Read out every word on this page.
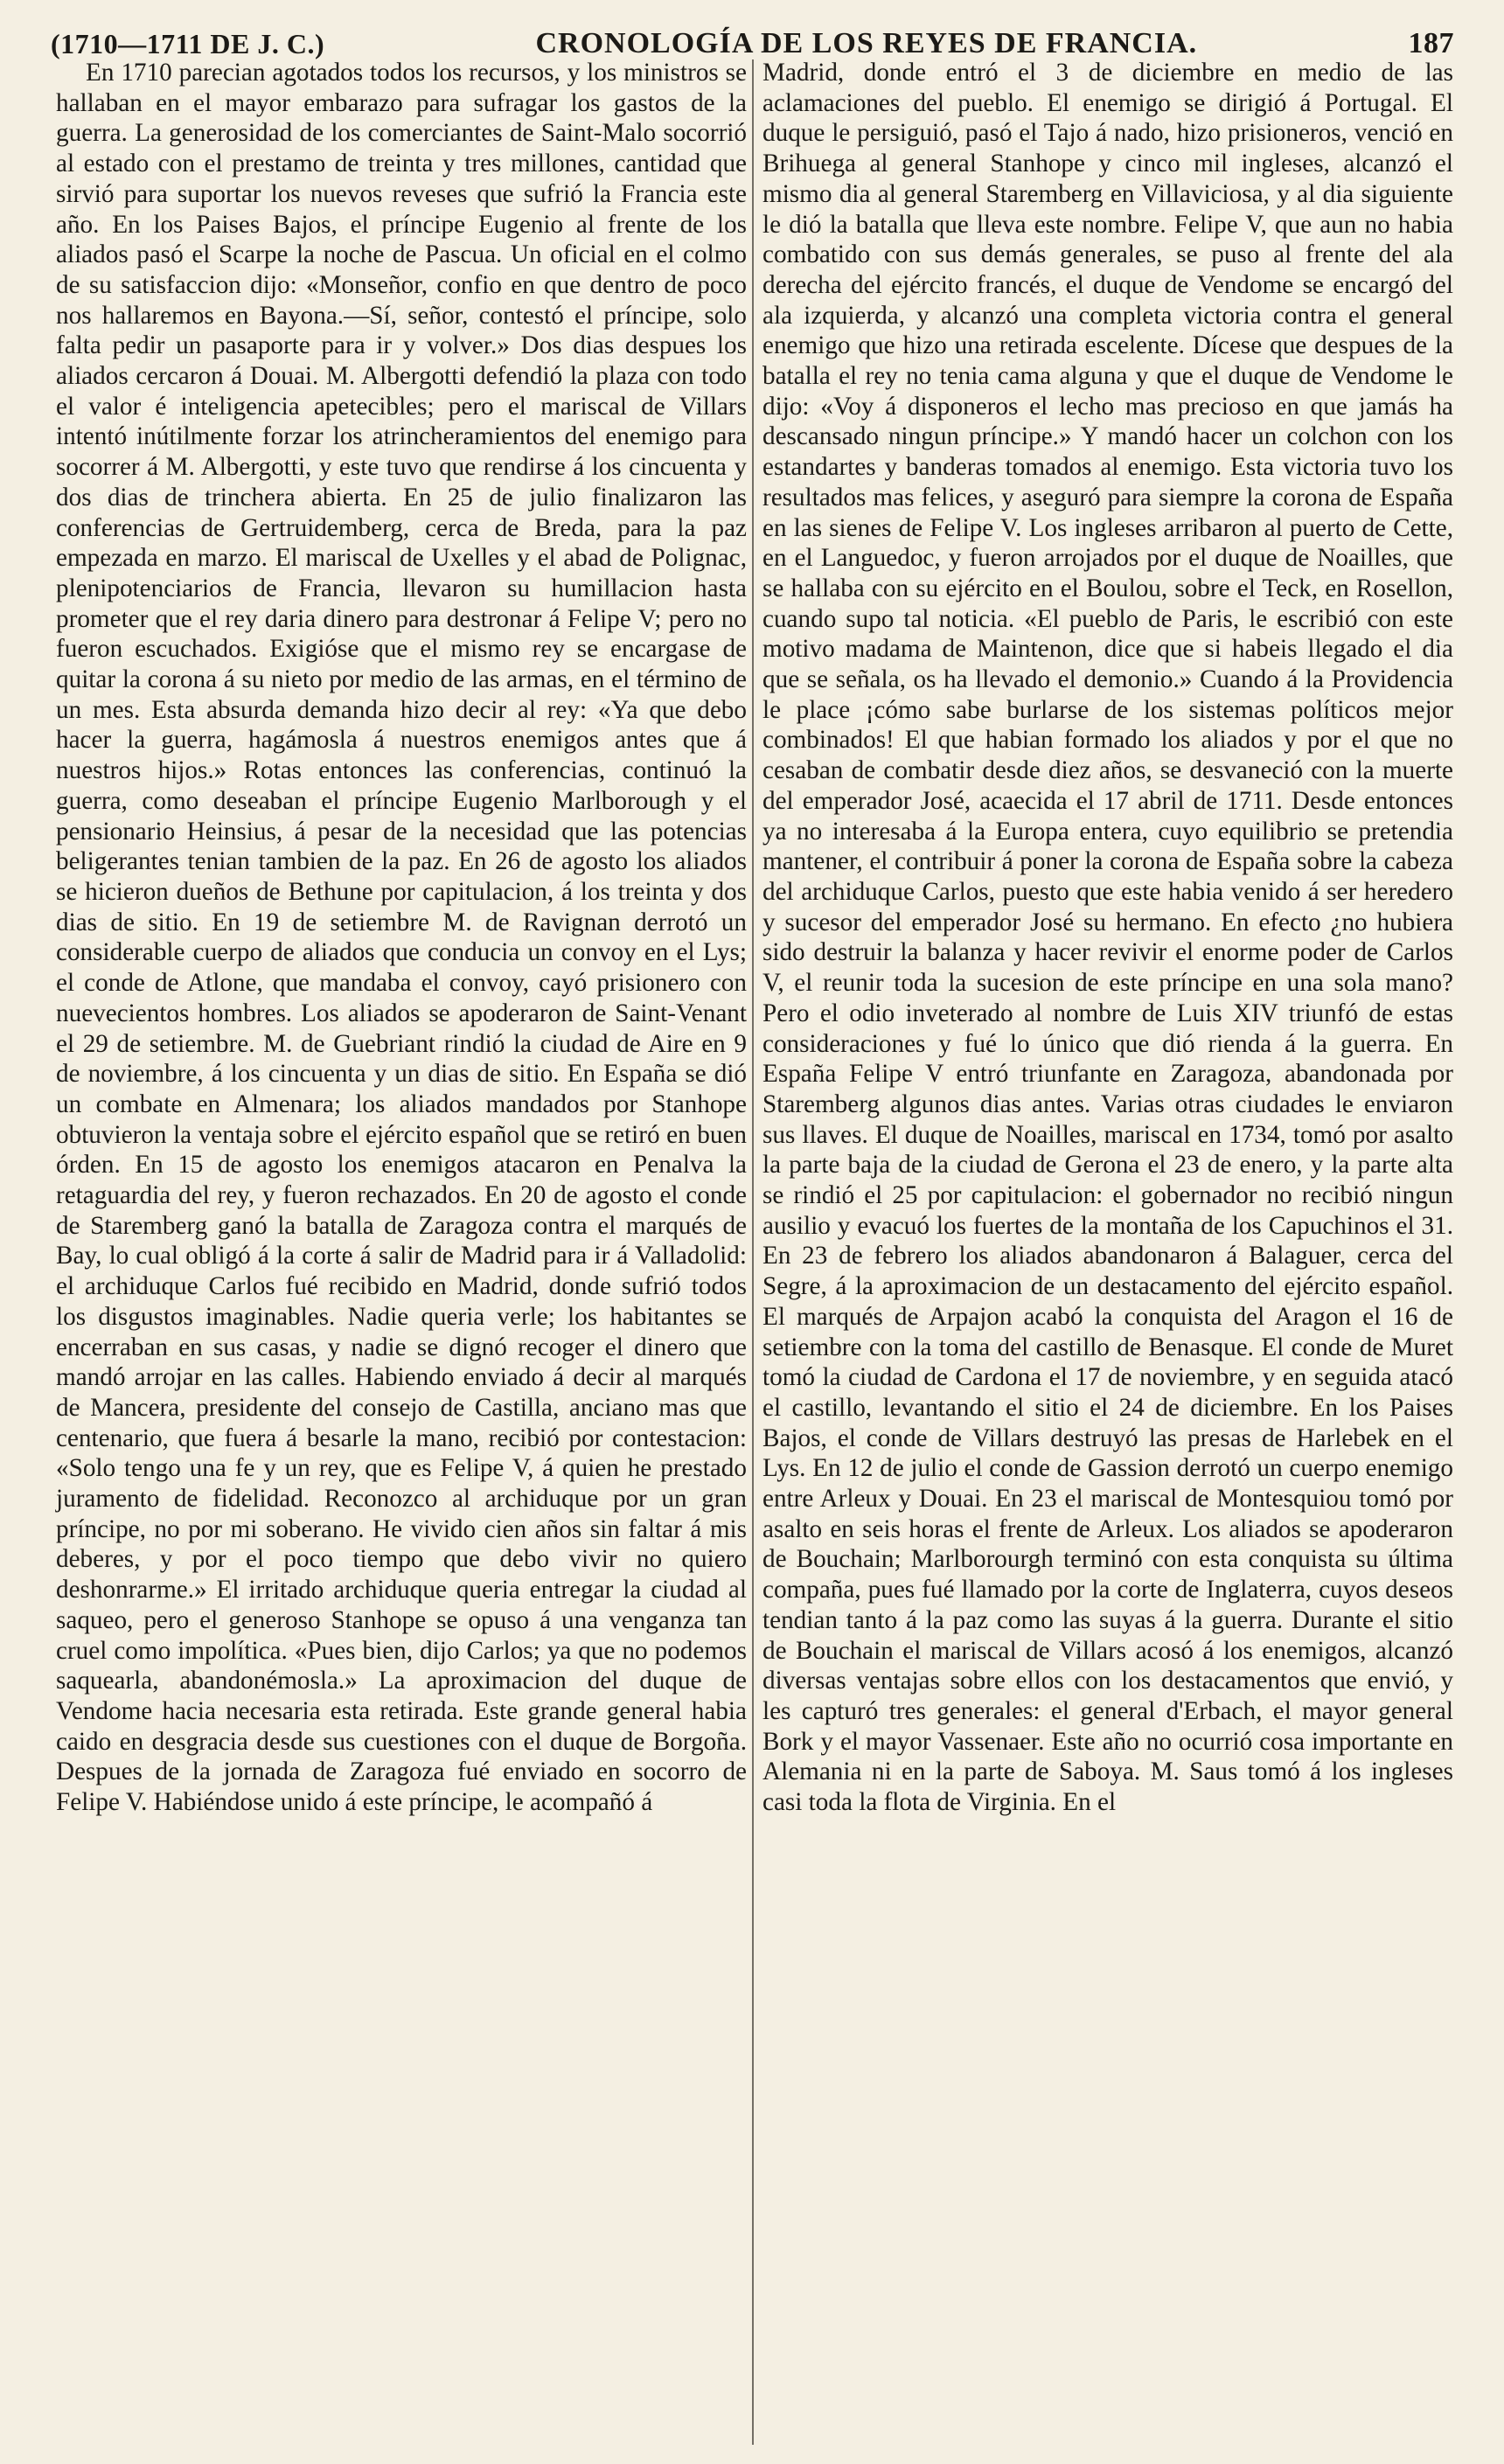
(1710—1711 DE J. C.)	CRONOLOGÍA DE LOS REYES DE FRANCIA.	187

En 1710 parecian agotados todos los recursos, y los ministros se hallaban en el mayor embarazo para sufragar los gastos de la guerra. La generosidad de los comerciantes de Saint-Malo socorrió al estado con el prestamo de treinta y tres millones, cantidad que sirvió para suportar los nuevos reveses que sufrió la Francia este año. En los Paises Bajos, el príncipe Eugenio al frente de los aliados pasó el Scarpe la noche de Pascua. Un oficial en el colmo de su satisfaccion dijo: «Monseñor, confio en que dentro de poco nos hallaremos en Bayona.—Sí, señor, contestó el príncipe, solo falta pedir un pasaporte para ir y volver.» Dos dias despues los aliados cercaron á Douai. M. Albergotti defendió la plaza con todo el valor é inteligencia apetecibles; pero el mariscal de Villars intentó inútilmente forzar los atrincheramientos del enemigo para socorrer á M. Albergotti, y este tuvo que rendirse á los cincuenta y dos dias de trinchera abierta. En 25 de julio finalizaron las conferencias de Gertruidemberg, cerca de Breda, para la paz empezada en marzo. El mariscal de Uxelles y el abad de Polignac, plenipotenciarios de Francia, llevaron su humillacion hasta prometer que el rey daria dinero para destronar á Felipe V; pero no fueron escuchados. Exigióse que el mismo rey se encargase de quitar la corona á su nieto por medio de las armas, en el término de un mes. Esta absurda demanda hizo decir al rey: «Ya que debo hacer la guerra, hagámosla á nuestros enemigos antes que á nuestros hijos.» Rotas entonces las conferencias, continuó la guerra, como deseaban el príncipe Eugenio Marlborough y el pensionario Heinsius, á pesar de la necesidad que las potencias beligerantes tenian tambien de la paz. En 26 de agosto los aliados se hicieron dueños de Bethune por capitulacion, á los treinta y dos dias de sitio. En 19 de setiembre M. de Ravignan derrotó un considerable cuerpo de aliados que conducia un convoy en el Lys; el conde de Atlone, que mandaba el convoy, cayó prisionero con nuevecientos hombres. Los aliados se apoderaron de Saint-Venant el 29 de setiembre. M. de Guebriant rindió la ciudad de Aire en 9 de noviembre, á los cincuenta y un dias de sitio. En España se dió un combate en Almenara; los aliados mandados por Stanhope obtuvieron la ventaja sobre el ejército español que se retiró en buen órden. En 15 de agosto los enemigos atacaron en Penalva la retaguardia del rey, y fueron rechazados. En 20 de agosto el conde de Staremberg ganó la batalla de Zaragoza contra el marqués de Bay, lo cual obligó á la corte á salir de Madrid para ir á Valladolid: el archiduque Carlos fué recibido en Madrid, donde sufrió todos los disgustos imaginables. Nadie queria verle; los habitantes se encerraban en sus casas, y nadie se dignó recoger el dinero que mandó arrojar en las calles. Habiendo enviado á decir al marqués de Mancera, presidente del consejo de Castilla, anciano mas que centenario, que fuera á besarle la mano, recibió por contestacion: «Solo tengo una fe y un rey, que es Felipe V, á quien he prestado juramento de fidelidad. Reconozco al archiduque por un gran príncipe, no por mi soberano. He vivido cien años sin faltar á mis deberes, y por el poco tiempo que debo vivir no quiero deshonrarme.» El irritado archiduque queria entregar la ciudad al saqueo, pero el generoso Stanhope se opuso á una venganza tan cruel como impolítica. «Pues bien, dijo Carlos; ya que no podemos saquearla, abandonémosla.» La aproximacion del duque de Vendome hacia necesaria esta retirada. Este grande general habia caido en desgracia desde sus cuestiones con el duque de Borgoña. Despues de la jornada de Zaragoza fué enviado en socorro de Felipe V. Habiéndose unido á este príncipe, le acompañó á

Madrid, donde entró el 3 de diciembre en medio de las aclamaciones del pueblo. El enemigo se dirigió á Portugal. El duque le persiguió, pasó el Tajo á nado, hizo prisioneros, venció en Brihuega al general Stanhope y cinco mil ingleses, alcanzó el mismo dia al general Staremberg en Villaviciosa, y al dia siguiente le dió la batalla que lleva este nombre. Felipe V, que aun no habia combatido con sus demás generales, se puso al frente del ala derecha del ejército francés, el duque de Vendome se encargó del ala izquierda, y alcanzó una completa victoria contra el general enemigo que hizo una retirada escelente. Dícese que despues de la batalla el rey no tenia cama alguna y que el duque de Vendome le dijo: «Voy á disponeros el lecho mas precioso en que jamás ha descansado ningun príncipe.» Y mandó hacer un colchon con los estandartes y banderas tomados al enemigo. Esta victoria tuvo los resultados mas felices, y aseguró para siempre la corona de España en las sienes de Felipe V. Los ingleses arribaron al puerto de Cette, en el Languedoc, y fueron arrojados por el duque de Noailles, que se hallaba con su ejército en el Boulou, sobre el Teck, en Rosellon, cuando supo tal noticia. «El pueblo de Paris, le escribió con este motivo madama de Maintenon, dice que si habeis llegado el dia que se señala, os ha llevado el demonio.» Cuando á la Providencia le place ¡cómo sabe burlarse de los sistemas políticos mejor combinados! El que habian formado los aliados y por el que no cesaban de combatir desde diez años, se desvaneció con la muerte del emperador José, acaecida el 17 abril de 1711. Desde entonces ya no interesaba á la Europa entera, cuyo equilibrio se pretendia mantener, el contribuir á poner la corona de España sobre la cabeza del archiduque Carlos, puesto que este habia venido á ser heredero y sucesor del emperador José su hermano. En efecto ¿no hubiera sido destruir la balanza y hacer revivir el enorme poder de Carlos V, el reunir toda la sucesion de este príncipe en una sola mano? Pero el odio inveterado al nombre de Luis XIV triunfó de estas consideraciones y fué lo único que dió rienda á la guerra. En España Felipe V entró triunfante en Zaragoza, abandonada por Staremberg algunos dias antes. Varias otras ciudades le enviaron sus llaves. El duque de Noailles, mariscal en 1734, tomó por asalto la parte baja de la ciudad de Gerona el 23 de enero, y la parte alta se rindió el 25 por capitulacion: el gobernador no recibió ningun ausilio y evacuó los fuertes de la montaña de los Capuchinos el 31. En 23 de febrero los aliados abandonaron á Balaguer, cerca del Segre, á la aproximacion de un destacamento del ejército español. El marqués de Arpajon acabó la conquista del Aragon el 16 de setiembre con la toma del castillo de Benasque. El conde de Muret tomó la ciudad de Cardona el 17 de noviembre, y en seguida atacó el castillo, levantando el sitio el 24 de diciembre. En los Paises Bajos, el conde de Villars destruyó las presas de Harlebek en el Lys. En 12 de julio el conde de Gassion derrotó un cuerpo enemigo entre Arleux y Douai. En 23 el mariscal de Montesquiou tomó por asalto en seis horas el frente de Arleux. Los aliados se apoderaron de Bouchain; Marlborourgh terminó con esta conquista su última compaña, pues fué llamado por la corte de Inglaterra, cuyos deseos tendian tanto á la paz como las suyas á la guerra. Durante el sitio de Bouchain el mariscal de Villars acosó á los enemigos, alcanzó diversas ventajas sobre ellos con los destacamentos que envió, y les capturó tres generales: el general d'Erbach, el mayor general Bork y el mayor Vassenaer. Este año no ocurrió cosa importante en Alemania ni en la parte de Saboya. M. Saus tomó á los ingleses casi toda la flota de Virginia. En el
